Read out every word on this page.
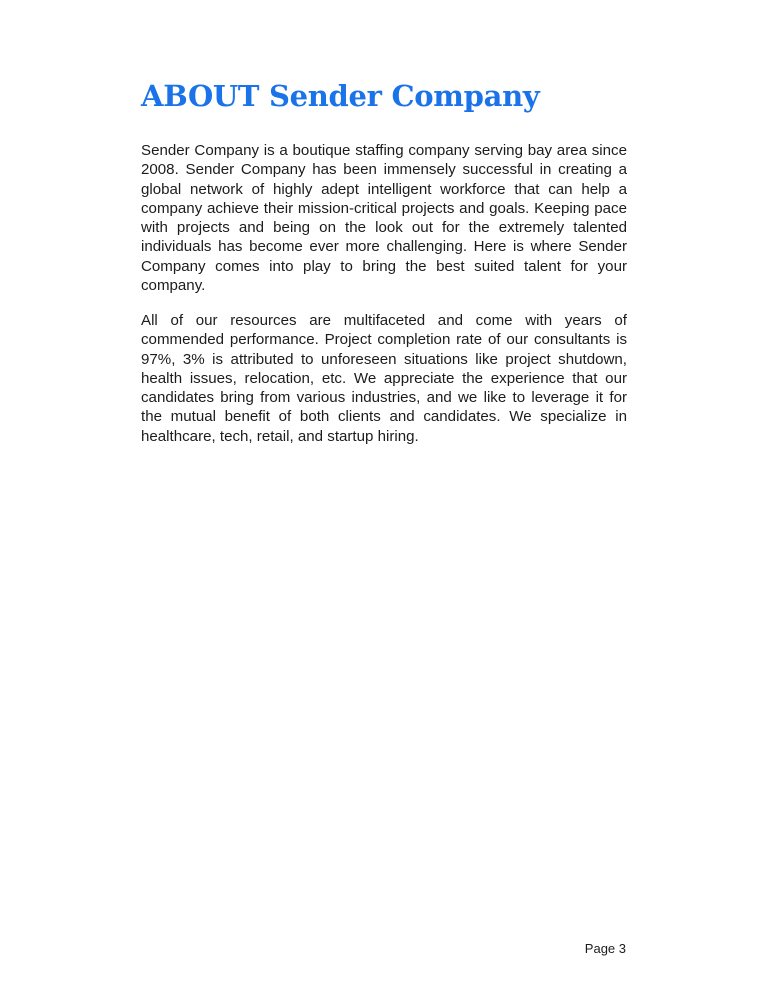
ABOUT Sender Company

Sender Company is a boutique staffing company serving bay area since 2008. Sender Company has been immensely successful in creating a global network of highly adept intelligent workforce that can help a company achieve their mission-critical projects and goals. Keeping pace with projects and being on the look out for the extremely talented individuals has become ever more challenging. Here is where Sender Company comes into play to bring the best suited talent for your company.

All of our resources are multifaceted and come with years of commended performance. Project completion rate of our consultants is 97%, 3% is attributed to unforeseen situations like project shutdown, health issues, relocation, etc. We appreciate the experience that our candidates bring from various industries, and we like to leverage it for the mutual benefit of both clients and candidates. We specialize in healthcare, tech, retail, and startup hiring.

Page 3
